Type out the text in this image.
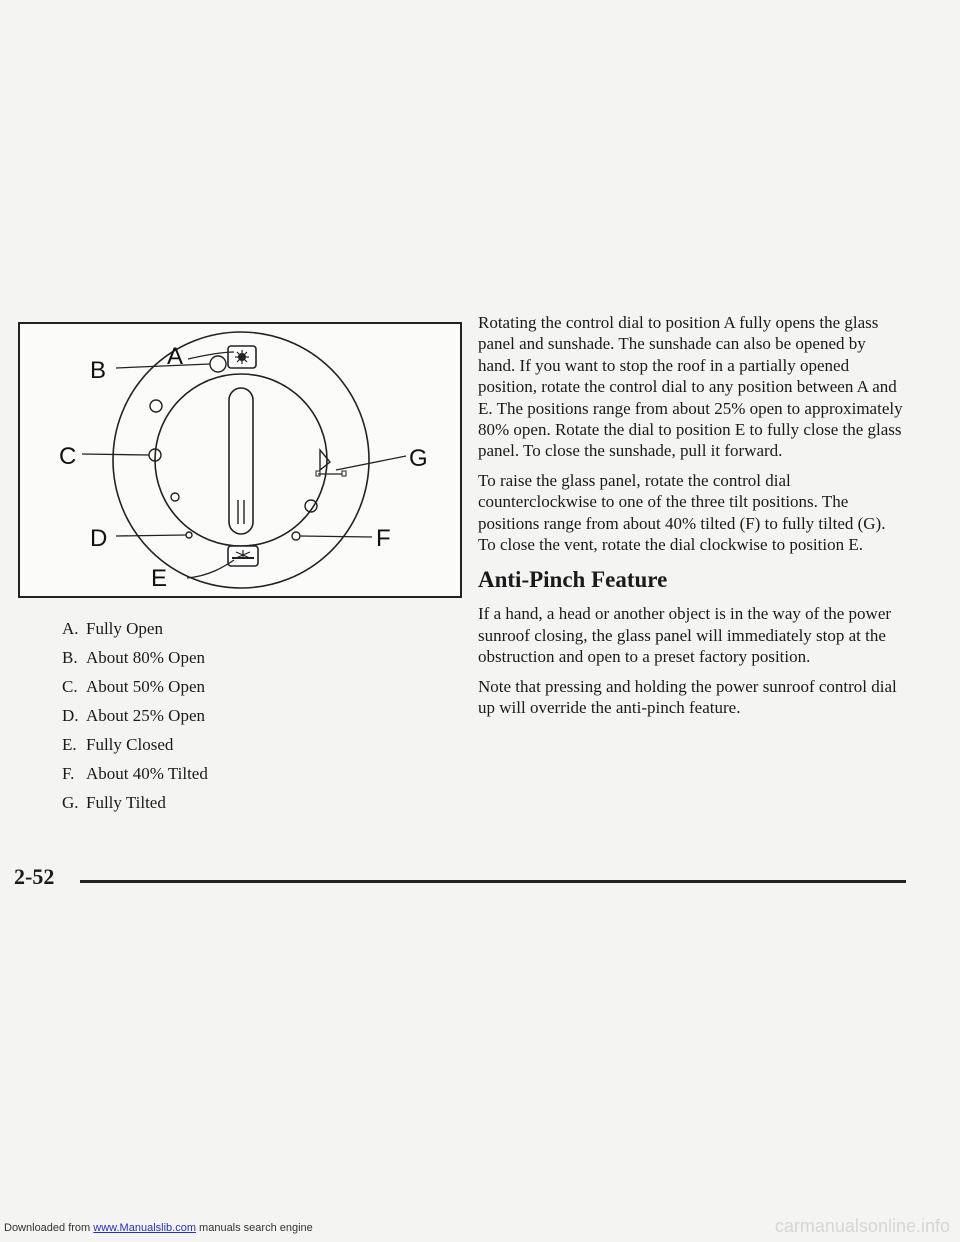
A
B
C
D
E
F
G
A. Fully Open
B. About 80% Open
C. About 50% Open
D. About 25% Open
E. Fully Closed
F. About 40% Tilted
G. Fully Tilted

Rotating the control dial to position A fully opens the glass panel and sunshade. The sunshade can also be opened by hand. If you want to stop the roof in a partially opened position, rotate the control dial to any position between A and E. The positions range from about 25% open to approximately 80% open. Rotate the dial to position E to fully close the glass panel. To close the sunshade, pull it forward.

To raise the glass panel, rotate the control dial counterclockwise to one of the three tilt positions. The positions range from about 40% tilted (F) to fully tilted (G). To close the vent, rotate the dial clockwise to position E.

Anti-Pinch Feature

If a hand, a head or another object is in the way of the power sunroof closing, the glass panel will immediately stop at the obstruction and open to a preset factory position.

Note that pressing and holding the power sunroof control dial up will override the anti-pinch feature.

2-52
Downloaded from www.Manualslib.com manuals search engine	carmanualsonline.info
